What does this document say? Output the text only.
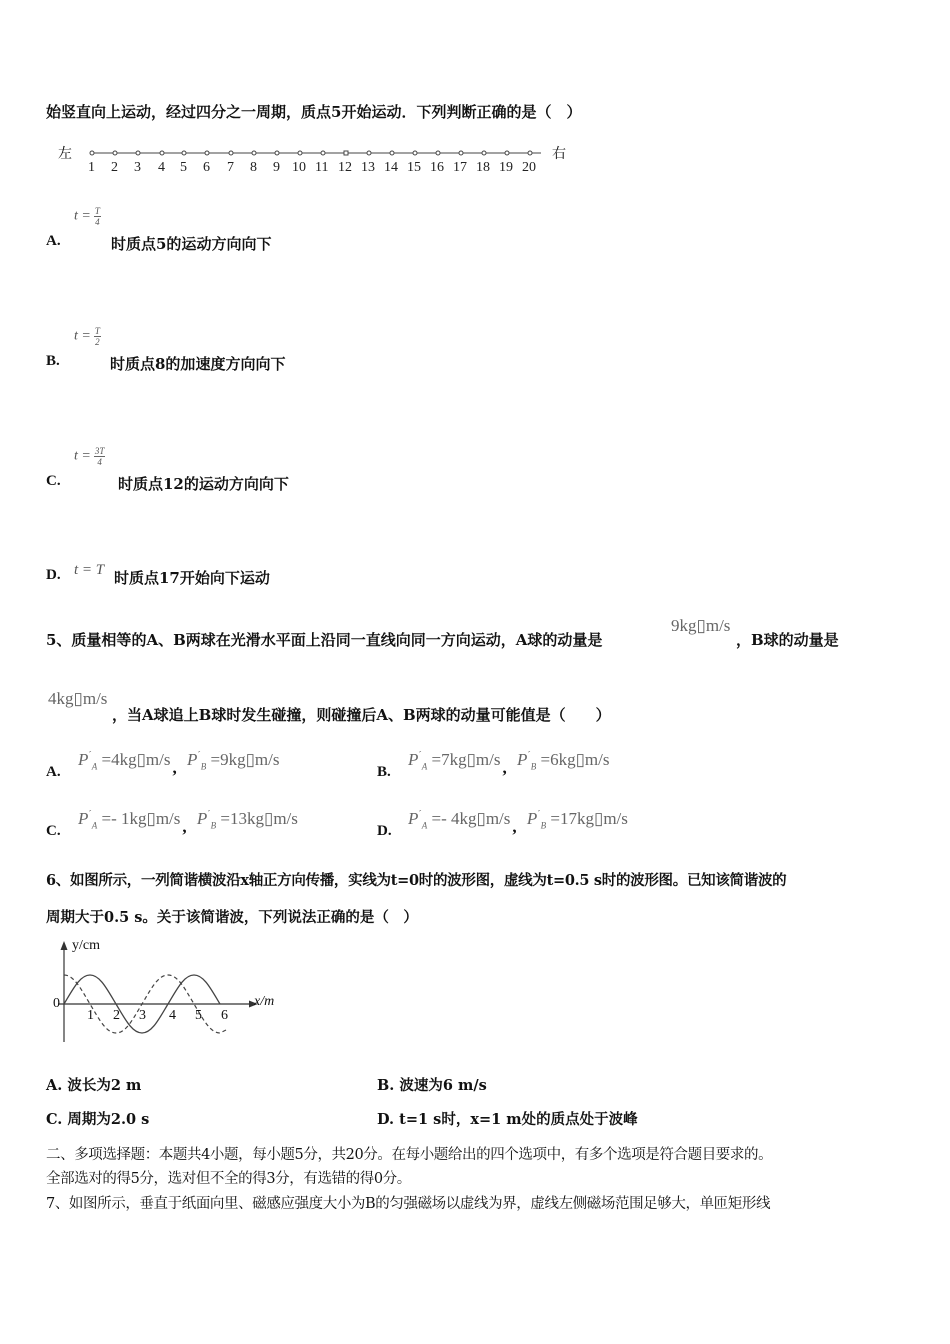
始竖直向上运动，经过四分之一周期，质点5开始运动．下列判断正确的是（　）
左	右
1 2 3 4 5 6 7 8 9 10 11 12 13 14 15 16 17 18 19 20
$t = \frac{T}{4}$
A.	时质点5的运动方向向下
$t = \frac{T}{2}$
B.	时质点8的加速度方向向下
$t = \frac{3T}{4}$
C.	时质点12的运动方向向下
D. t = T 时质点17开始向下运动
5、质量相等的A、B两球在光滑水平面上沿同一直线向同一方向运动，A球的动量是
9kg▯m/s
，B球的动量是
4kg▯m/s
，当A球追上B球时发生碰撞，则碰撞后A、B两球的动量可能值是（　　）
A.
$P^´_A$ =4kg▯m/s , $P^´_B$ =9kg▯m/s
B.
$P^´_A$ =7kg▯m/s , $P^´_B$ =6kg▯m/s
C.
$P^´_A$ =- 1kg▯m/s , $P^´_B$ =13kg▯m/s
D.
$P^´_A$ =- 4kg▯m/s , $P^´_B$ =17kg▯m/s
6、如图所示，一列简谐横波沿x轴正方向传播，实线为t=0时的波形图，虚线为t=0.5 s时的波形图。已知该简谐波的
周期大于0.5 s。关于该简谐波，下列说法正确的是（　）
y/cm
x/m
0
1 2 3 4 5 6
A. 波长为2 m	B. 波速为6 m/s
C. 周期为2.0 s	D. t=1 s时，x=1 m处的质点处于波峰
二、多项选择题：本题共4小题，每小题5分，共20分。在每小题给出的四个选项中，有多个选项是符合题目要求的。
全部选对的得5分，选对但不全的得3分，有选错的得0分。
7、如图所示，垂直于纸面向里、磁感应强度大小为B的匀强磁场以虚线为界，虚线左侧磁场范围足够大，单匝矩形线
